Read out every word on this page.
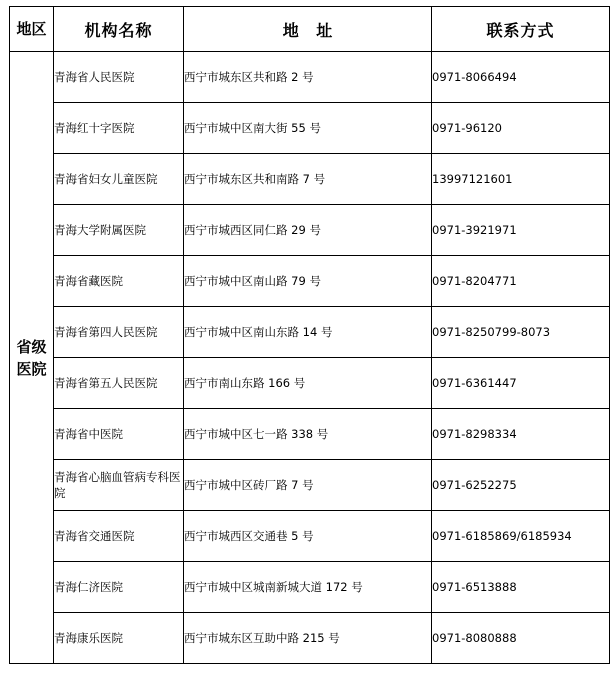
地区	机构名称	地 址	联系方式
省级医院	青海省人民医院	西宁市城东区共和路 2 号	0971-8066494
	青海红十字医院	西宁市城中区南大街 55 号	0971-96120
	青海省妇女儿童医院	西宁市城东区共和南路 7 号	13997121601
	青海大学附属医院	西宁市城西区同仁路 29 号	0971-3921971
	青海省藏医院	西宁市城中区南山路 79 号	0971-8204771
	青海省第四人民医院	西宁市城中区南山东路 14 号	0971-8250799-8073
	青海省第五人民医院	西宁市南山东路 166 号	0971-6361447
	青海省中医院	西宁市城中区七一路 338 号	0971-8298334
	青海省心脑血管病专科医院	西宁市城中区砖厂路 7 号	0971-6252275
	青海省交通医院	西宁市城西区交通巷 5 号	0971-6185869/6185934
	青海仁济医院	西宁市城中区城南新城大道 172 号	0971-6513888
	青海康乐医院	西宁市城东区互助中路 215 号	0971-8080888
